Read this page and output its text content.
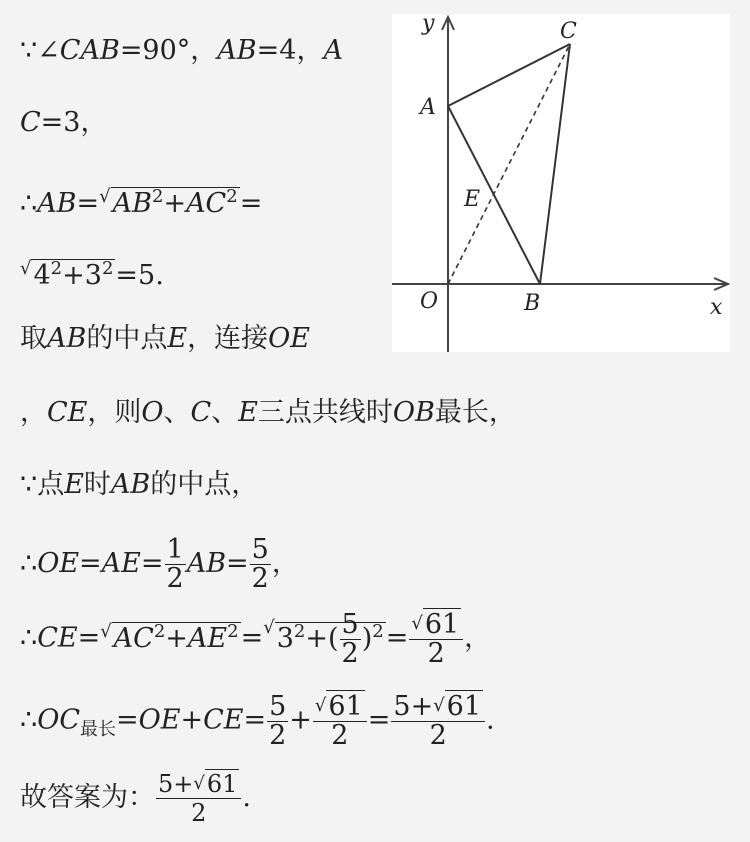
y
x
O
A
B
C
E
∵∠CAB=90°，AB=4，A
C=3，
$\therefore AB=^√AB^2+AC^2=$
$^√4^2+3^2=5$.
取AB的中点E，连接OE
，CE，则O、C、E三点共线时OB最长，
∵点E时AB的中点，
∴OE=AE= $\frac{1}{2} AB= \frac{5}{2}$ ，
$\therefore CE=^√AC^2+AE^2=^√3^2+( \frac{5}{2} )^2= \frac{^√61}{2}$ ，
$\therefore OC_{最长}=OE+CE= \frac{5}{2} + \frac{^√61}{2} = \frac{5+^√61}{2}$ .
故答案为： $\frac{5+^√61}{2}$ .
